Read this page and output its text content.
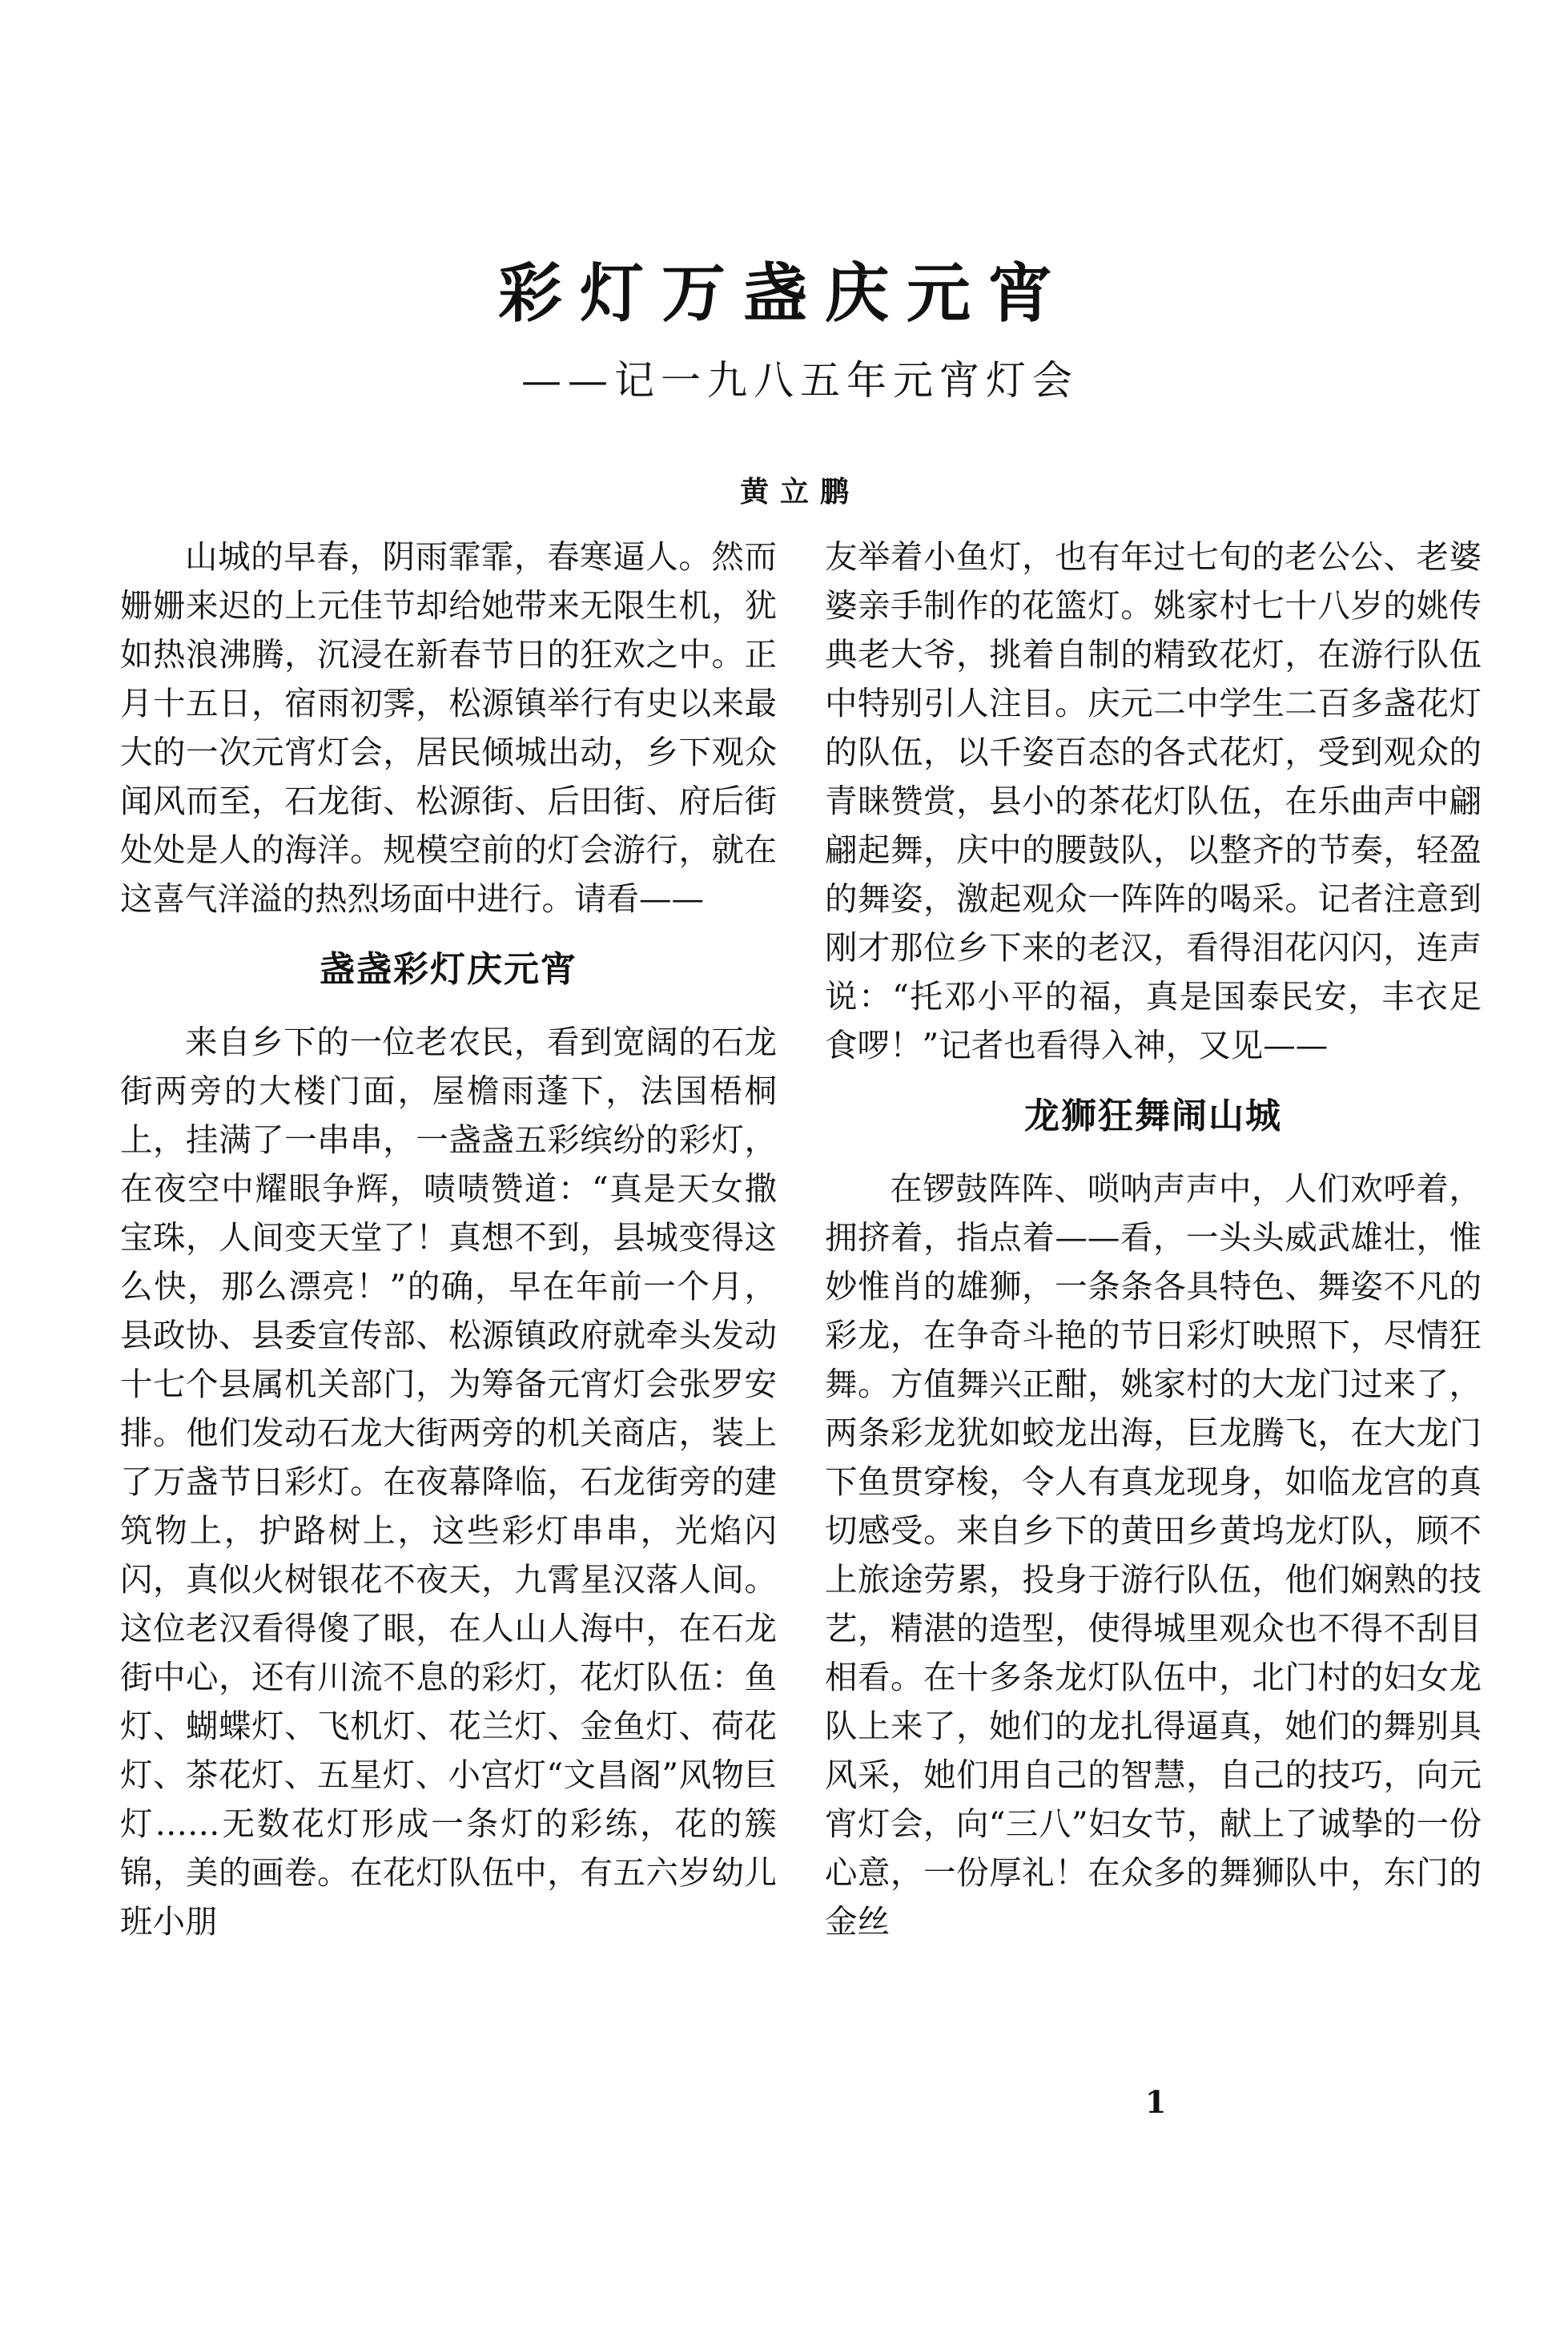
彩灯万盏庆元宵
——记一九八五年元宵灯会
黄立鹏

山城的早春，阴雨霏霏，春寒逼人。然而姗姗来迟的上元佳节却给她带来无限生机，犹如热浪沸腾，沉浸在新春节日的狂欢之中。正月十五日，宿雨初霁，松源镇举行有史以来最大的一次元宵灯会，居民倾城出动，乡下观众闻风而至，石龙街、松源街、后田街、府后街处处是人的海洋。规模空前的灯会游行，就在这喜气洋溢的热烈场面中进行。请看——

盏盏彩灯庆元宵

来自乡下的一位老农民，看到宽阔的石龙街两旁的大楼门面，屋檐雨蓬下，法国梧桐上，挂满了一串串，一盏盏五彩缤纷的彩灯，在夜空中耀眼争辉，啧啧赞道：“真是天女撒宝珠，人间变天堂了！真想不到，县城变得这么快，那么漂亮！”的确，早在年前一个月，县政协、县委宣传部、松源镇政府就牵头发动十七个县属机关部门，为筹备元宵灯会张罗安排。他们发动石龙大街两旁的机关商店，装上了万盏节日彩灯。在夜幕降临，石龙街旁的建筑物上，护路树上，这些彩灯串串，光焰闪闪，真似火树银花不夜天，九霄星汉落人间。这位老汉看得傻了眼，在人山人海中，在石龙街中心，还有川流不息的彩灯，花灯队伍：鱼灯、蝴蝶灯、飞机灯、花兰灯、金鱼灯、荷花灯、茶花灯、五星灯、小宫灯“文昌阁”风物巨灯……无数花灯形成一条灯的彩练，花的簇锦，美的画卷。在花灯队伍中，有五六岁幼儿班小朋

友举着小鱼灯，也有年过七旬的老公公、老婆婆亲手制作的花篮灯。姚家村七十八岁的姚传典老大爷，挑着自制的精致花灯，在游行队伍中特别引人注目。庆元二中学生二百多盏花灯的队伍，以千姿百态的各式花灯，受到观众的青睐赞赏，县小的茶花灯队伍，在乐曲声中翩翩起舞，庆中的腰鼓队，以整齐的节奏，轻盈的舞姿，激起观众一阵阵的喝采。记者注意到刚才那位乡下来的老汉，看得泪花闪闪，连声说：“托邓小平的福，真是国泰民安，丰衣足食啰！”记者也看得入神，又见——

龙狮狂舞闹山城

在锣鼓阵阵、唢呐声声中，人们欢呼着，拥挤着，指点着——看，一头头威武雄壮，惟妙惟肖的雄狮，一条条各具特色、舞姿不凡的彩龙，在争奇斗艳的节日彩灯映照下，尽情狂舞。方值舞兴正酣，姚家村的大龙门过来了，两条彩龙犹如蛟龙出海，巨龙腾飞，在大龙门下鱼贯穿梭，令人有真龙现身，如临龙宫的真切感受。来自乡下的黄田乡黄坞龙灯队，顾不上旅途劳累，投身于游行队伍，他们娴熟的技艺，精湛的造型，使得城里观众也不得不刮目相看。在十多条龙灯队伍中，北门村的妇女龙队上来了，她们的龙扎得逼真，她们的舞别具风采，她们用自己的智慧，自己的技巧，向元宵灯会，向“三八”妇女节，献上了诚挚的一份心意，一份厚礼！在众多的舞狮队中，东门的金丝

1
